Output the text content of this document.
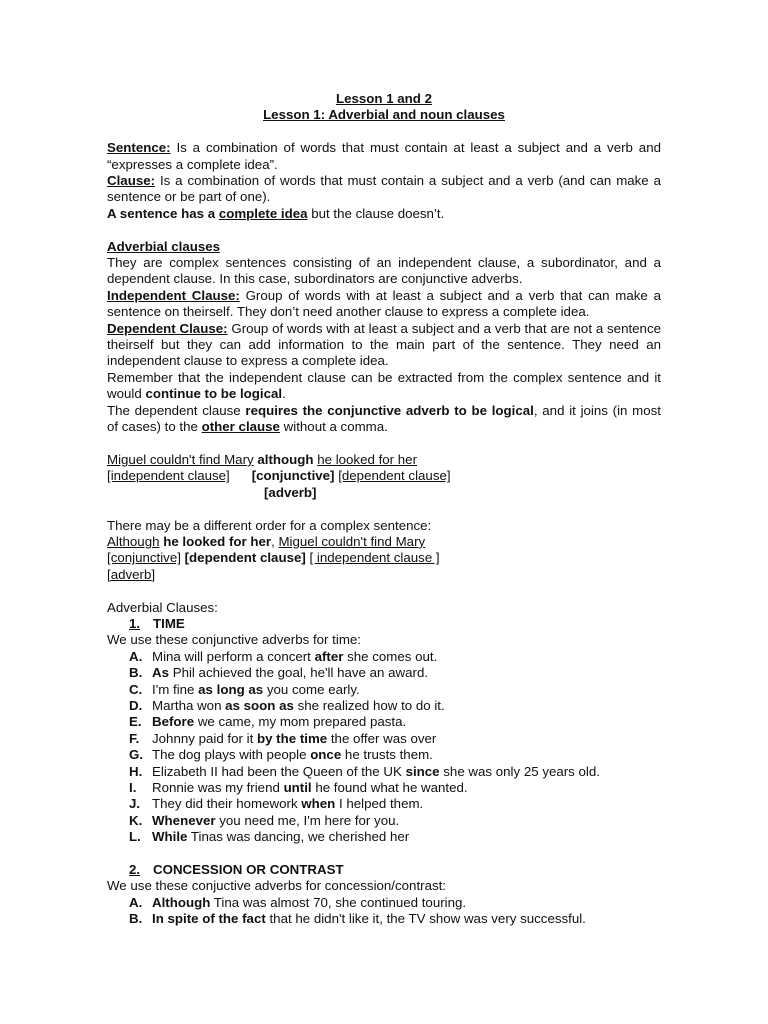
Lesson 1 and 2
Lesson 1: Adverbial and noun clauses
Sentence: Is a combination of words that must contain at least a subject and a verb and “expresses a complete idea”.
Clause: Is a combination of words that must contain a subject and a verb (and can make a sentence or be part of one).
A sentence has a complete idea but the clause doesn’t.
Adverbial clauses
They are complex sentences consisting of an independent clause, a subordinator, and a dependent clause. In this case, subordinators are conjunctive adverbs.
Independent Clause: Group of words with at least a subject and a verb that can make a sentence on theirself. They don’t need another clause to express a complete idea.
Dependent Clause: Group of words with at least a subject and a verb that are not a sentence theirself but they can add information to the main part of the sentence. They need an independent clause to express a complete idea.
Remember that the independent clause can be extracted from the complex sentence and it would continue to be logical.
The dependent clause requires the conjunctive adverb to be logical, and it joins (in most of cases) to the other clause without a comma.
Miguel couldn't find Mary although he looked for her
[independent clause] [conjunctive] [dependent clause]
[adverb]
There may be a different order for a complex sentence:
Although he looked for her, Miguel couldn't find Mary
[conjunctive] [dependent clause] [ independent clause ]
[adverb]
Adverbial Clauses:
1. TIME
We use these conjunctive adverbs for time:
A. Mina will perform a concert after she comes out.
B. As Phil achieved the goal, he'll have an award.
C. I'm fine as long as you come early.
D. Martha won as soon as she realized how to do it.
E. Before we came, my mom prepared pasta.
F. Johnny paid for it by the time the offer was over
G. The dog plays with people once he trusts them.
H. Elizabeth II had been the Queen of the UK since she was only 25 years old.
I. Ronnie was my friend until he found what he wanted.
J. They did their homework when I helped them.
K. Whenever you need me, I'm here for you.
L. While Tinas was dancing, we cherished her
2. CONCESSION OR CONTRAST
We use these conjuctive adverbs for concession/contrast:
A. Although Tina was almost 70, she continued touring.
B. In spite of the fact that he didn't like it, the TV show was very successful.
